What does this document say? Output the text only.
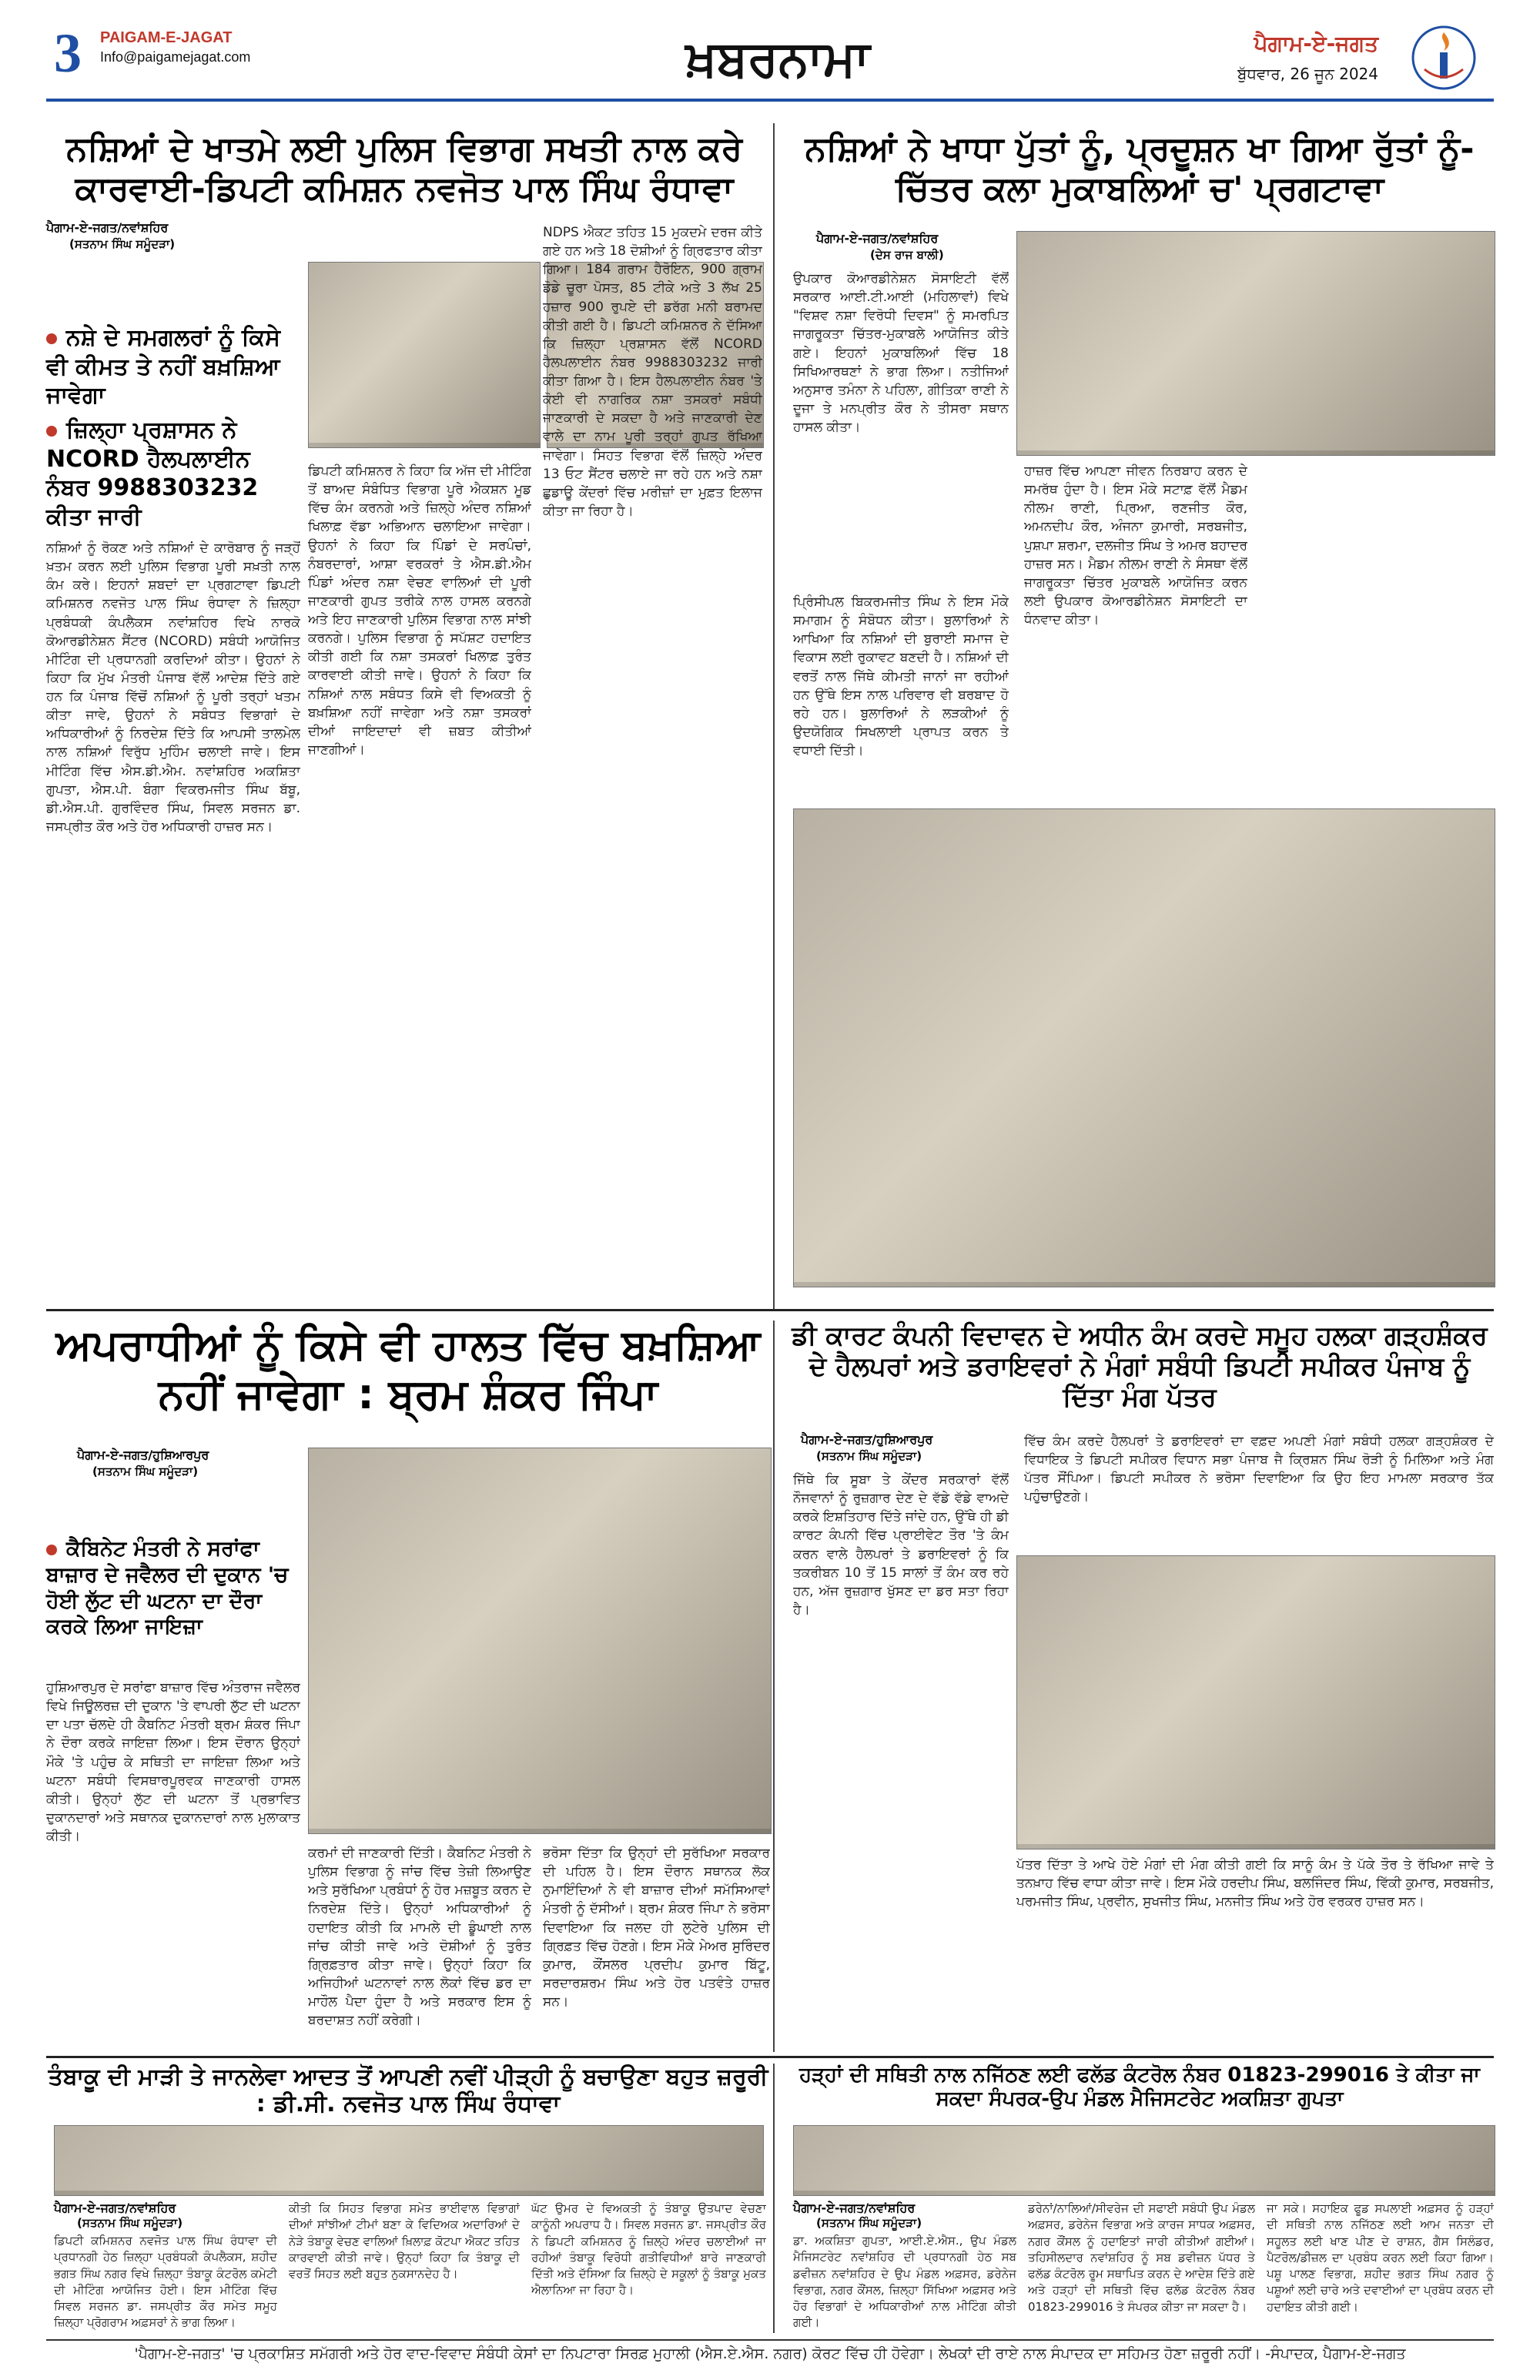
3 PAIGAM-E-JAGAT
Info@paigamejagat.com	ਖ਼ਬਰਨਾਮਾ	ਪੈਗਾਮ-ਏ-ਜਗਤ
ਬੁੱਧਵਾਰ, 26 ਜੂਨ 2024
ਨਸ਼ਿਆਂ ਦੇ ਖਾਤਮੇ ਲਈ ਪੁਲਿਸ ਵਿਭਾਗ ਸਖਤੀ ਨਾਲ ਕਰੇ ਕਾਰਵਾਈ-ਡਿਪਟੀ ਕਮਿਸ਼ਨ ਨਵਜੋਤ ਪਾਲ ਸਿੰਘ ਰੰਧਾਵਾ
ਪੈਗਾਮ-ਏ-ਜਗਤ/ਨਵਾਂਸ਼ਹਿਰ
(ਸਤਨਾਮ ਸਿੰਘ ਸਮੂੰਦੜਾ)
ਨਸ਼ੇ ਦੇ ਸਮਗਲਰਾਂ ਨੂੰ ਕਿਸੇ ਵੀ ਕੀਮਤ ਤੇ ਨਹੀਂ ਬਖ਼ਸ਼ਿਆ ਜਾਵੇਗਾ
ਜ਼ਿਲ੍ਹਾ ਪ੍ਰਸ਼ਾਸਨ ਨੇ NCORD ਹੈਲਪਲਾਈਨ ਨੰਬਰ 9988303232 ਕੀਤਾ ਜਾਰੀ
ਨਸ਼ਿਆਂ ਨੂੰ ਰੋਕਣ ਅਤੇ ਨਸ਼ਿਆਂ ਦੇ ਕਾਰੋਬਾਰ ਨੂੰ ਜੜ੍ਹੋਂ ਖ਼ਤਮ ਕਰਨ ਲਈ ਪੁਲਿਸ ਵਿਭਾਗ ਪੂਰੀ ਸਖ਼ਤੀ ਨਾਲ ਕੰਮ ਕਰੇ। ਇਹਨਾਂ ਸ਼ਬਦਾਂ ਦਾ ਪ੍ਰਗਟਾਵਾ ਡਿਪਟੀ ਕਮਿਸ਼ਨਰ ਨਵਜੋਤ ਪਾਲ ਸਿੰਘ ਰੰਧਾਵਾ ਨੇ ਜ਼ਿਲ੍ਹਾ ਪ੍ਰਬੰਧਕੀ ਕੰਪਲੈਕਸ ਨਵਾਂਸ਼ਹਿਰ ਵਿਖੇ ਨਾਰਕੋ ਕੋਆਰਡੀਨੇਸ਼ਨ ਸੈਂਟਰ (NCORD) ਸਬੰਧੀ ਆਯੋਜਿਤ ਮੀਟਿੰਗ ਦੀ ਪ੍ਰਧਾਨਗੀ ਕਰਦਿਆਂ ਕੀਤਾ। ਉਹਨਾਂ ਨੇ ਕਿਹਾ ਕਿ ਮੁੱਖ ਮੰਤਰੀ ਪੰਜਾਬ ਵੱਲੋਂ ਆਦੇਸ਼ ਦਿੱਤੇ ਗਏ ਹਨ ਕਿ ਪੰਜਾਬ ਵਿੱਚੋਂ ਨਸ਼ਿਆਂ ਨੂੰ ਪੂਰੀ ਤਰ੍ਹਾਂ ਖਤਮ ਕੀਤਾ ਜਾਵੇ, ਉਹਨਾਂ ਨੇ ਸਬੰਧਤ ਵਿਭਾਗਾਂ ਦੇ ਅਧਿਕਾਰੀਆਂ ਨੂੰ ਨਿਰਦੇਸ਼ ਦਿੱਤੇ ਕਿ ਆਪਸੀ ਤਾਲਮੇਲ ਨਾਲ ਨਸ਼ਿਆਂ ਵਿਰੁੱਧ ਮੁਹਿੰਮ ਚਲਾਈ ਜਾਵੇ। ਇਸ ਮੀਟਿੰਗ ਵਿੱਚ ਐਸ.ਡੀ.ਐਮ. ਨਵਾਂਸ਼ਹਿਰ ਅਕਸ਼ਿਤਾ ਗੁਪਤਾ, ਐਸ.ਪੀ. ਬੰਗਾ ਵਿਕਰਮਜੀਤ ਸਿੰਘ ਬੱਬੂ, ਡੀ.ਐਸ.ਪੀ. ਗੁਰਵਿੰਦਰ ਸਿੰਘ, ਸਿਵਲ ਸਰਜਨ ਡਾ. ਜਸਪ੍ਰੀਤ ਕੌਰ ਅਤੇ ਹੋਰ ਅਧਿਕਾਰੀ ਹਾਜ਼ਰ ਸਨ।
ਡਿਪਟੀ ਕਮਿਸ਼ਨਰ ਨੇ ਕਿਹਾ ਕਿ ਅੱਜ ਦੀ ਮੀਟਿੰਗ ਤੋਂ ਬਾਅਦ ਸੰਬੰਧਿਤ ਵਿਭਾਗ ਪੂਰੇ ਐਕਸ਼ਨ ਮੂਡ ਵਿੱਚ ਕੰਮ ਕਰਨਗੇ ਅਤੇ ਜ਼ਿਲ੍ਹੇ ਅੰਦਰ ਨਸ਼ਿਆਂ ਖਿਲਾਫ਼ ਵੱਡਾ ਅਭਿਆਨ ਚਲਾਇਆ ਜਾਵੇਗਾ। ਉਹਨਾਂ ਨੇ ਕਿਹਾ ਕਿ ਪਿੰਡਾਂ ਦੇ ਸਰਪੰਚਾਂ, ਨੰਬਰਦਾਰਾਂ, ਆਸ਼ਾ ਵਰਕਰਾਂ ਤੇ ਐਸ.ਡੀ.ਐਮ ਪਿੰਡਾਂ ਅੰਦਰ ਨਸ਼ਾ ਵੇਚਣ ਵਾਲਿਆਂ ਦੀ ਪੂਰੀ ਜਾਣਕਾਰੀ ਗੁਪਤ ਤਰੀਕੇ ਨਾਲ ਹਾਸਲ ਕਰਨਗੇ ਅਤੇ ਇਹ ਜਾਣਕਾਰੀ ਪੁਲਿਸ ਵਿਭਾਗ ਨਾਲ ਸਾਂਝੀ ਕਰਨਗੇ। ਪੁਲਿਸ ਵਿਭਾਗ ਨੂੰ ਸਪੱਸ਼ਟ ਹਦਾਇਤ ਕੀਤੀ ਗਈ ਕਿ ਨਸ਼ਾ ਤਸਕਰਾਂ ਖਿਲਾਫ਼ ਤੁਰੰਤ ਕਾਰਵਾਈ ਕੀਤੀ ਜਾਵੇ। ਉਹਨਾਂ ਨੇ ਕਿਹਾ ਕਿ ਨਸ਼ਿਆਂ ਨਾਲ ਸਬੰਧਤ ਕਿਸੇ ਵੀ ਵਿਅਕਤੀ ਨੂੰ ਬਖ਼ਸ਼ਿਆ ਨਹੀਂ ਜਾਵੇਗਾ ਅਤੇ ਨਸ਼ਾ ਤਸਕਰਾਂ ਦੀਆਂ ਜਾਇਦਾਦਾਂ ਵੀ ਜ਼ਬਤ ਕੀਤੀਆਂ ਜਾਣਗੀਆਂ।
NDPS ਐਕਟ ਤਹਿਤ 15 ਮੁਕਦਮੇ ਦਰਜ ਕੀਤੇ ਗਏ ਹਨ ਅਤੇ 18 ਦੋਸ਼ੀਆਂ ਨੂੰ ਗ੍ਰਿਫਤਾਰ ਕੀਤਾ ਗਿਆ। 184 ਗਰਾਮ ਹੈਰੋਇਨ, 900 ਗ੍ਰਾਮ ਡੋਡੇ ਚੂਰਾ ਪੋਸਤ, 85 ਟੀਕੇ ਅਤੇ 3 ਲੱਖ 25 ਹਜ਼ਾਰ 900 ਰੁਪਏ ਦੀ ਡਰੱਗ ਮਨੀ ਬਰਾਮਦ ਕੀਤੀ ਗਈ ਹੈ। ਡਿਪਟੀ ਕਮਿਸ਼ਨਰ ਨੇ ਦੱਸਿਆ ਕਿ ਜ਼ਿਲ੍ਹਾ ਪ੍ਰਸ਼ਾਸਨ ਵੱਲੋਂ NCORD ਹੈਲਪਲਾਈਨ ਨੰਬਰ 9988303232 ਜਾਰੀ ਕੀਤਾ ਗਿਆ ਹੈ। ਇਸ ਹੈਲਪਲਾਈਨ ਨੰਬਰ 'ਤੇ ਕੋਈ ਵੀ ਨਾਗਰਿਕ ਨਸ਼ਾ ਤਸਕਰਾਂ ਸਬੰਧੀ ਜਾਣਕਾਰੀ ਦੇ ਸਕਦਾ ਹੈ ਅਤੇ ਜਾਣਕਾਰੀ ਦੇਣ ਵਾਲੇ ਦਾ ਨਾਮ ਪੂਰੀ ਤਰ੍ਹਾਂ ਗੁਪਤ ਰੱਖਿਆ ਜਾਵੇਗਾ। ਸਿਹਤ ਵਿਭਾਗ ਵੱਲੋਂ ਜ਼ਿਲ੍ਹੇ ਅੰਦਰ 13 ਓਟ ਸੈਂਟਰ ਚਲਾਏ ਜਾ ਰਹੇ ਹਨ ਅਤੇ ਨਸ਼ਾ ਛੁਡਾਊ ਕੇਂਦਰਾਂ ਵਿੱਚ ਮਰੀਜ਼ਾਂ ਦਾ ਮੁਫ਼ਤ ਇਲਾਜ ਕੀਤਾ ਜਾ ਰਿਹਾ ਹੈ।
ਨਸ਼ਿਆਂ ਨੇ ਖਾਧਾ ਪੁੱਤਾਂ ਨੂੰ, ਪ੍ਰਦੂਸ਼ਨ ਖਾ ਗਿਆ ਰੁੱਤਾਂ ਨੂੰ-ਚਿੱਤਰ ਕਲਾ ਮੁਕਾਬਲਿਆਂ ਚ' ਪ੍ਰਗਟਾਵਾ
ਪੈਗਾਮ-ਏ-ਜਗਤ/ਨਵਾਂਸ਼ਹਿਰ
(ਦੇਸ ਰਾਜ ਬਾਲੀ)
ਉਪਕਾਰ ਕੋਆਰਡੀਨੇਸ਼ਨ ਸੋਸਾਇਟੀ ਵੱਲੋਂ ਸਰਕਾਰ ਆਈ.ਟੀ.ਆਈ (ਮਹਿਲਾਵਾਂ) ਵਿਖੇ "ਵਿਸ਼ਵ ਨਸ਼ਾ ਵਿਰੋਧੀ ਦਿਵਸ" ਨੂੰ ਸਮਰਪਿਤ ਜਾਗਰੂਕਤਾ ਚਿੱਤਰ-ਮੁਕਾਬਲੇ ਆਯੋਜਿਤ ਕੀਤੇ ਗਏ। ਇਹਨਾਂ ਮੁਕਾਬਲਿਆਂ ਵਿੱਚ 18 ਸਿਖਿਆਰਥਣਾਂ ਨੇ ਭਾਗ ਲਿਆ। ਨਤੀਜਿਆਂ ਅਨੁਸਾਰ ਤਮੰਨਾ ਨੇ ਪਹਿਲਾ, ਗੀਤਿਕਾ ਰਾਣੀ ਨੇ ਦੂਜਾ ਤੇ ਮਨਪ੍ਰੀਤ ਕੌਰ ਨੇ ਤੀਸਰਾ ਸਥਾਨ ਹਾਸਲ ਕੀਤਾ।
ਪ੍ਰਿੰਸੀਪਲ ਬਿਕਰਮਜੀਤ ਸਿੰਘ ਨੇ ਇਸ ਮੌਕੇ ਸਮਾਗਮ ਨੂੰ ਸੰਬੋਧਨ ਕੀਤਾ। ਬੁਲਾਰਿਆਂ ਨੇ ਆਖਿਆ ਕਿ ਨਸ਼ਿਆਂ ਦੀ ਬੁਰਾਈ ਸਮਾਜ ਦੇ ਵਿਕਾਸ ਲਈ ਰੁਕਾਵਟ ਬਣਦੀ ਹੈ। ਨਸ਼ਿਆਂ ਦੀ ਵਰਤੋਂ ਨਾਲ ਜਿੱਥੇ ਕੀਮਤੀ ਜਾਨਾਂ ਜਾ ਰਹੀਆਂ ਹਨ ਉੱਥੇ ਇਸ ਨਾਲ ਪਰਿਵਾਰ ਵੀ ਬਰਬਾਦ ਹੋ ਰਹੇ ਹਨ। ਬੁਲਾਰਿਆਂ ਨੇ ਲੜਕੀਆਂ ਨੂੰ ਉਦਯੋਗਿਕ ਸਿਖਲਾਈ ਪ੍ਰਾਪਤ ਕਰਨ ਤੇ ਵਧਾਈ ਦਿੱਤੀ।
ਹਾਜ਼ਰ ਵਿੱਚ ਆਪਣਾ ਜੀਵਨ ਨਿਰਬਾਹ ਕਰਨ ਦੇ ਸਮਰੱਥ ਹੁੰਦਾ ਹੈ। ਇਸ ਮੌਕੇ ਸਟਾਫ਼ ਵੱਲੋਂ ਮੈਡਮ ਨੀਲਮ ਰਾਣੀ, ਪ੍ਰਿਆ, ਰਣਜੀਤ ਕੌਰ, ਅਮਨਦੀਪ ਕੌਰ, ਅੰਜਨਾ ਕੁਮਾਰੀ, ਸਰਬਜੀਤ, ਪੁਸ਼ਪਾ ਸ਼ਰਮਾ, ਦਲਜੀਤ ਸਿੰਘ ਤੇ ਅਮਰ ਬਹਾਦਰ ਹਾਜ਼ਰ ਸਨ। ਮੈਡਮ ਨੀਲਮ ਰਾਣੀ ਨੇ ਸੰਸਥਾ ਵੱਲੋਂ ਜਾਗਰੂਕਤਾ ਚਿੱਤਰ ਮੁਕਾਬਲੇ ਆਯੋਜਿਤ ਕਰਨ ਲਈ ਉਪਕਾਰ ਕੋਆਰਡੀਨੇਸ਼ਨ ਸੋਸਾਇਟੀ ਦਾ ਧੰਨਵਾਦ ਕੀਤਾ।
ਅਪਰਾਧੀਆਂ ਨੂੰ ਕਿਸੇ ਵੀ ਹਾਲਤ ਵਿੱਚ ਬਖ਼ਸ਼ਿਆ ਨਹੀਂ ਜਾਵੇਗਾ : ਬ੍ਰਮ ਸ਼ੰਕਰ ਜਿੰਪਾ
ਪੈਗਾਮ-ਏ-ਜਗਤ/ਹੁਸ਼ਿਆਰਪੁਰ
(ਸਤਨਾਮ ਸਿੰਘ ਸਮੂੰਦੜਾ)
ਕੈਬਿਨੇਟ ਮੰਤਰੀ ਨੇ ਸਰਾਂਫਾ ਬਾਜ਼ਾਰ ਦੇ ਜਵੈਲਰ ਦੀ ਦੁਕਾਨ 'ਚ ਹੋਈ ਲੁੱਟ ਦੀ ਘਟਨਾ ਦਾ ਦੌਰਾ ਕਰਕੇ ਲਿਆ ਜਾਇਜ਼ਾ
ਹੁਸ਼ਿਆਰਪੁਰ ਦੇ ਸਰਾਂਫਾ ਬਾਜ਼ਾਰ ਵਿੱਚ ਅੰਤਰਾਜ ਜਵੈਲਰ ਵਿਖੇ ਜਿਊਲਰਜ਼ ਦੀ ਦੁਕਾਨ 'ਤੇ ਵਾਪਰੀ ਲੁੱਟ ਦੀ ਘਟਨਾ ਦਾ ਪਤਾ ਚੱਲਦੇ ਹੀ ਕੈਬਨਿਟ ਮੰਤਰੀ ਬ੍ਰਮ ਸ਼ੰਕਰ ਜਿੰਪਾ ਨੇ ਦੌਰਾ ਕਰਕੇ ਜਾਇਜ਼ਾ ਲਿਆ। ਇਸ ਦੌਰਾਨ ਉਨ੍ਹਾਂ ਮੌਕੇ 'ਤੇ ਪਹੁੰਚ ਕੇ ਸਥਿਤੀ ਦਾ ਜਾਇਜ਼ਾ ਲਿਆ ਅਤੇ ਘਟਨਾ ਸਬੰਧੀ ਵਿਸਥਾਰਪੂਰਵਕ ਜਾਣਕਾਰੀ ਹਾਸਲ ਕੀਤੀ। ਉਨ੍ਹਾਂ ਲੁੱਟ ਦੀ ਘਟਨਾ ਤੋਂ ਪ੍ਰਭਾਵਿਤ ਦੁਕਾਨਦਾਰਾਂ ਅਤੇ ਸਥਾਨਕ ਦੁਕਾਨਦਾਰਾਂ ਨਾਲ ਮੁਲਾਕਾਤ ਕੀਤੀ।
ਕਰਮਾਂ ਦੀ ਜਾਣਕਾਰੀ ਦਿੱਤੀ। ਕੈਬਨਿਟ ਮੰਤਰੀ ਨੇ ਪੁਲਿਸ ਵਿਭਾਗ ਨੂੰ ਜਾਂਚ ਵਿੱਚ ਤੇਜ਼ੀ ਲਿਆਉਣ ਅਤੇ ਸੁਰੱਖਿਆ ਪ੍ਰਬੰਧਾਂ ਨੂੰ ਹੋਰ ਮਜ਼ਬੂਤ ਕਰਨ ਦੇ ਨਿਰਦੇਸ਼ ਦਿੱਤੇ। ਉਨ੍ਹਾਂ ਅਧਿਕਾਰੀਆਂ ਨੂੰ ਹਦਾਇਤ ਕੀਤੀ ਕਿ ਮਾਮਲੇ ਦੀ ਡੂੰਘਾਈ ਨਾਲ ਜਾਂਚ ਕੀਤੀ ਜਾਵੇ ਅਤੇ ਦੋਸ਼ੀਆਂ ਨੂੰ ਤੁਰੰਤ ਗ੍ਰਿਫ਼ਤਾਰ ਕੀਤਾ ਜਾਵੇ। ਉਨ੍ਹਾਂ ਕਿਹਾ ਕਿ ਅਜਿਹੀਆਂ ਘਟਨਾਵਾਂ ਨਾਲ ਲੋਕਾਂ ਵਿੱਚ ਡਰ ਦਾ ਮਾਹੌਲ ਪੈਦਾ ਹੁੰਦਾ ਹੈ ਅਤੇ ਸਰਕਾਰ ਇਸ ਨੂੰ ਬਰਦਾਸ਼ਤ ਨਹੀਂ ਕਰੇਗੀ।
ਭਰੋਸਾ ਦਿੱਤਾ ਕਿ ਉਨ੍ਹਾਂ ਦੀ ਸੁਰੱਖਿਆ ਸਰਕਾਰ ਦੀ ਪਹਿਲ ਹੈ। ਇਸ ਦੌਰਾਨ ਸਥਾਨਕ ਲੋਕ ਨੁਮਾਇੰਦਿਆਂ ਨੇ ਵੀ ਬਾਜ਼ਾਰ ਦੀਆਂ ਸਮੱਸਿਆਵਾਂ ਮੰਤਰੀ ਨੂੰ ਦੱਸੀਆਂ। ਬ੍ਰਮ ਸ਼ੰਕਰ ਜਿੰਪਾ ਨੇ ਭਰੋਸਾ ਦਿਵਾਇਆ ਕਿ ਜਲਦ ਹੀ ਲੁਟੇਰੇ ਪੁਲਿਸ ਦੀ ਗ੍ਰਿਫ਼ਤ ਵਿੱਚ ਹੋਣਗੇ। ਇਸ ਮੌਕੇ ਮੇਅਰ ਸੁਰਿੰਦਰ ਕੁਮਾਰ, ਕੌਂਸਲਰ ਪ੍ਰਦੀਪ ਕੁਮਾਰ ਬਿੱਟੂ, ਸਰਦਾਰਸ਼ਰਮ ਸਿੰਘ ਅਤੇ ਹੋਰ ਪਤਵੰਤੇ ਹਾਜ਼ਰ ਸਨ।
ਡੀ ਕਾਰਟ ਕੰਪਨੀ ਵਿਦਾਵਨ ਦੇ ਅਧੀਨ ਕੰਮ ਕਰਦੇ ਸਮੂਹ ਹਲਕਾ ਗੜ੍ਹਸ਼ੰਕਰ ਦੇ ਹੈਲਪਰਾਂ ਅਤੇ ਡਰਾਇਵਰਾਂ ਨੇ ਮੰਗਾਂ ਸਬੰਧੀ ਡਿਪਟੀ ਸਪੀਕਰ ਪੰਜਾਬ ਨੂੰ ਦਿੱਤਾ ਮੰਗ ਪੱਤਰ
ਪੈਗਾਮ-ਏ-ਜਗਤ/ਹੁਸ਼ਿਆਰਪੁਰ
(ਸਤਨਾਮ ਸਿੰਘ ਸਮੂੰਦੜਾ)
ਜਿੱਥੇ ਕਿ ਸੂਬਾ ਤੇ ਕੇਂਦਰ ਸਰਕਾਰਾਂ ਵੱਲੋਂ ਨੌਜਵਾਨਾਂ ਨੂੰ ਰੁਜ਼ਗਾਰ ਦੇਣ ਦੇ ਵੱਡੇ ਵੱਡੇ ਵਾਅਦੇ ਕਰਕੇ ਇਸ਼ਤਿਹਾਰ ਦਿੱਤੇ ਜਾਂਦੇ ਹਨ, ਉੱਥੇ ਹੀ ਡੀ ਕਾਰਟ ਕੰਪਨੀ ਵਿੱਚ ਪ੍ਰਾਈਵੇਟ ਤੌਰ 'ਤੇ ਕੰਮ ਕਰਨ ਵਾਲੇ ਹੈਲਪਰਾਂ ਤੇ ਡਰਾਇਵਰਾਂ ਨੂੰ ਕਿ ਤਕਰੀਬਨ 10 ਤੋਂ 15 ਸਾਲਾਂ ਤੋਂ ਕੰਮ ਕਰ ਰਹੇ ਹਨ, ਅੱਜ ਰੁਜ਼ਗਾਰ ਖੁੱਸਣ ਦਾ ਡਰ ਸਤਾ ਰਿਹਾ ਹੈ।
ਵਿੱਚ ਕੰਮ ਕਰਦੇ ਹੈਲਪਰਾਂ ਤੇ ਡਰਾਇਵਰਾਂ ਦਾ ਵਫ਼ਦ ਅਪਣੀ ਮੰਗਾਂ ਸਬੰਧੀ ਹਲਕਾ ਗੜ੍ਹਸ਼ੰਕਰ ਦੇ ਵਿਧਾਇਕ ਤੇ ਡਿਪਟੀ ਸਪੀਕਰ ਵਿਧਾਨ ਸਭਾ ਪੰਜਾਬ ਜੈ ਕ੍ਰਿਸ਼ਨ ਸਿੰਘ ਰੋੜੀ ਨੂੰ ਮਿਲਿਆ ਅਤੇ ਮੰਗ ਪੱਤਰ ਸੌਂਪਿਆ। ਡਿਪਟੀ ਸਪੀਕਰ ਨੇ ਭਰੋਸਾ ਦਿਵਾਇਆ ਕਿ ਉਹ ਇਹ ਮਾਮਲਾ ਸਰਕਾਰ ਤੱਕ ਪਹੁੰਚਾਉਣਗੇ।
ਪੱਤਰ ਦਿੱਤਾ ਤੇ ਆਖੇ ਹੋਏ ਮੰਗਾਂ ਦੀ ਮੰਗ ਕੀਤੀ ਗਈ ਕਿ ਸਾਨੂੰ ਕੰਮ ਤੇ ਪੱਕੇ ਤੌਰ ਤੇ ਰੱਖਿਆ ਜਾਵੇ ਤੇ ਤਨਖ਼ਾਹ ਵਿੱਚ ਵਾਧਾ ਕੀਤਾ ਜਾਵੇ। ਇਸ ਮੌਕੇ ਹਰਦੀਪ ਸਿੰਘ, ਬਲਜਿੰਦਰ ਸਿੰਘ, ਵਿੱਕੀ ਕੁਮਾਰ, ਸਰਬਜੀਤ, ਪਰਮਜੀਤ ਸਿੰਘ, ਪ੍ਰਵੀਨ, ਸੁਖਜੀਤ ਸਿੰਘ, ਮਨਜੀਤ ਸਿੰਘ ਅਤੇ ਹੋਰ ਵਰਕਰ ਹਾਜ਼ਰ ਸਨ।
ਤੰਬਾਕੂ ਦੀ ਮਾੜੀ ਤੇ ਜਾਨਲੇਵਾ ਆਦਤ ਤੋਂ ਆਪਣੀ ਨਵੀਂ ਪੀੜ੍ਹੀ ਨੂੰ ਬਚਾਉਣਾ ਬਹੁਤ ਜ਼ਰੂਰੀ : ਡੀ.ਸੀ. ਨਵਜੋਤ ਪਾਲ ਸਿੰਘ ਰੰਧਾਵਾ
ਪੈਗਾਮ-ਏ-ਜਗਤ/ਨਵਾਂਸ਼ਹਿਰ
(ਸਤਨਾਮ ਸਿੰਘ ਸਮੂੰਦੜਾ)
ਡਿਪਟੀ ਕਮਿਸ਼ਨਰ ਨਵਜੋਤ ਪਾਲ ਸਿੰਘ ਰੰਧਾਵਾ ਦੀ ਪ੍ਰਧਾਨਗੀ ਹੇਠ ਜ਼ਿਲ੍ਹਾ ਪ੍ਰਬੰਧਕੀ ਕੰਪਲੈਕਸ, ਸ਼ਹੀਦ ਭਗਤ ਸਿੰਘ ਨਗਰ ਵਿਖੇ ਜ਼ਿਲ੍ਹਾ ਤੰਬਾਕੂ ਕੰਟਰੋਲ ਕਮੇਟੀ ਦੀ ਮੀਟਿੰਗ ਆਯੋਜਿਤ ਹੋਈ। ਇਸ ਮੀਟਿੰਗ ਵਿੱਚ ਸਿਵਲ ਸਰਜਨ ਡਾ. ਜਸਪ੍ਰੀਤ ਕੌਰ ਸਮੇਤ ਸਮੂਹ ਜ਼ਿਲ੍ਹਾ ਪ੍ਰੋਗਰਾਮ ਅਫ਼ਸਰਾਂ ਨੇ ਭਾਗ ਲਿਆ।
ਕੀਤੀ ਕਿ ਸਿਹਤ ਵਿਭਾਗ ਸਮੇਤ ਭਾਈਵਾਲ ਵਿਭਾਗਾਂ ਦੀਆਂ ਸਾਂਝੀਆਂ ਟੀਮਾਂ ਬਣਾ ਕੇ ਵਿਦਿਅਕ ਅਦਾਰਿਆਂ ਦੇ ਨੇੜੇ ਤੰਬਾਕੂ ਵੇਚਣ ਵਾਲਿਆਂ ਖ਼ਿਲਾਫ਼ ਕੋਟਪਾ ਐਕਟ ਤਹਿਤ ਕਾਰਵਾਈ ਕੀਤੀ ਜਾਵੇ। ਉਨ੍ਹਾਂ ਕਿਹਾ ਕਿ ਤੰਬਾਕੂ ਦੀ ਵਰਤੋਂ ਸਿਹਤ ਲਈ ਬਹੁਤ ਨੁਕਸਾਨਦੇਹ ਹੈ।
ਘੱਟ ਉਮਰ ਦੇ ਵਿਅਕਤੀ ਨੂੰ ਤੰਬਾਕੂ ਉਤਪਾਦ ਵੇਚਣਾ ਕਾਨੂੰਨੀ ਅਪਰਾਧ ਹੈ। ਸਿਵਲ ਸਰਜਨ ਡਾ. ਜਸਪ੍ਰੀਤ ਕੌਰ ਨੇ ਡਿਪਟੀ ਕਮਿਸ਼ਨਰ ਨੂੰ ਜ਼ਿਲ੍ਹੇ ਅੰਦਰ ਚਲਾਈਆਂ ਜਾ ਰਹੀਆਂ ਤੰਬਾਕੂ ਵਿਰੋਧੀ ਗਤੀਵਿਧੀਆਂ ਬਾਰੇ ਜਾਣਕਾਰੀ ਦਿੱਤੀ ਅਤੇ ਦੱਸਿਆ ਕਿ ਜ਼ਿਲ੍ਹੇ ਦੇ ਸਕੂਲਾਂ ਨੂੰ ਤੰਬਾਕੂ ਮੁਕਤ ਐਲਾਨਿਆ ਜਾ ਰਿਹਾ ਹੈ।
ਹੜ੍ਹਾਂ ਦੀ ਸਥਿਤੀ ਨਾਲ ਨਜਿੱਠਣ ਲਈ ਫਲੱਡ ਕੰਟਰੋਲ ਨੰਬਰ 01823-299016 ਤੇ ਕੀਤਾ ਜਾ ਸਕਦਾ ਸੰਪਰਕ-ਉਪ ਮੰਡਲ ਮੈਜਿਸਟਰੇਟ ਅਕਸ਼ਿਤਾ ਗੁਪਤਾ
ਪੈਗਾਮ-ਏ-ਜਗਤ/ਨਵਾਂਸ਼ਹਿਰ
(ਸਤਨਾਮ ਸਿੰਘ ਸਮੂੰਦੜਾ)
ਡਾ. ਅਕਸ਼ਿਤਾ ਗੁਪਤਾ, ਆਈ.ਏ.ਐਸ., ਉਪ ਮੰਡਲ ਮੈਜਿਸਟਰੇਟ ਨਵਾਂਸ਼ਹਿਰ ਦੀ ਪ੍ਰਧਾਨਗੀ ਹੇਠ ਸਬ ਡਵੀਜ਼ਨ ਨਵਾਂਸ਼ਹਿਰ ਦੇ ਉਪ ਮੰਡਲ ਅਫ਼ਸਰ, ਡਰੇਨੇਜ ਵਿਭਾਗ, ਨਗਰ ਕੌਂਸਲ, ਜ਼ਿਲ੍ਹਾ ਸਿੱਖਿਆ ਅਫ਼ਸਰ ਅਤੇ ਹੋਰ ਵਿਭਾਗਾਂ ਦੇ ਅਧਿਕਾਰੀਆਂ ਨਾਲ ਮੀਟਿੰਗ ਕੀਤੀ ਗਈ।
ਡਰੇਨਾਂ/ਨਾਲਿਆਂ/ਸੀਵਰੇਜ ਦੀ ਸਫਾਈ ਸਬੰਧੀ ਉਪ ਮੰਡਲ ਅਫ਼ਸਰ, ਡਰੇਨੇਜ ਵਿਭਾਗ ਅਤੇ ਕਾਰਜ ਸਾਧਕ ਅਫ਼ਸਰ, ਨਗਰ ਕੌਂਸਲ ਨੂੰ ਹਦਾਇਤਾਂ ਜਾਰੀ ਕੀਤੀਆਂ ਗਈਆਂ। ਤਹਿਸੀਲਦਾਰ ਨਵਾਂਸ਼ਹਿਰ ਨੂੰ ਸਬ ਡਵੀਜ਼ਨ ਪੱਧਰ ਤੇ ਫਲੱਡ ਕੰਟਰੋਲ ਰੂਮ ਸਥਾਪਿਤ ਕਰਨ ਦੇ ਆਦੇਸ਼ ਦਿੱਤੇ ਗਏ ਅਤੇ ਹੜ੍ਹਾਂ ਦੀ ਸਥਿਤੀ ਵਿੱਚ ਫਲੱਡ ਕੰਟਰੋਲ ਨੰਬਰ 01823-299016 ਤੇ ਸੰਪਰਕ ਕੀਤਾ ਜਾ ਸਕਦਾ ਹੈ।
ਜਾ ਸਕੇ। ਸਹਾਇਕ ਫੂਡ ਸਪਲਾਈ ਅਫ਼ਸਰ ਨੂੰ ਹੜ੍ਹਾਂ ਦੀ ਸਥਿਤੀ ਨਾਲ ਨਜਿੱਠਣ ਲਈ ਆਮ ਜਨਤਾ ਦੀ ਸਹੂਲਤ ਲਈ ਖਾਣ ਪੀਣ ਦੇ ਰਾਸ਼ਨ, ਗੈਸ ਸਿਲੰਡਰ, ਪੈਟਰੋਲ/ਡੀਜ਼ਲ ਦਾ ਪ੍ਰਬੰਧ ਕਰਨ ਲਈ ਕਿਹਾ ਗਿਆ। ਪਸ਼ੂ ਪਾਲਣ ਵਿਭਾਗ, ਸ਼ਹੀਦ ਭਗਤ ਸਿੰਘ ਨਗਰ ਨੂੰ ਪਸ਼ੂਆਂ ਲਈ ਚਾਰੇ ਅਤੇ ਦਵਾਈਆਂ ਦਾ ਪ੍ਰਬੰਧ ਕਰਨ ਦੀ ਹਦਾਇਤ ਕੀਤੀ ਗਈ।
'ਪੈਗਾਮ-ਏ-ਜਗਤ' 'ਚ ਪ੍ਰਕਾਸ਼ਿਤ ਸਮੱਗਰੀ ਅਤੇ ਹੋਰ ਵਾਦ-ਵਿਵਾਦ ਸੰਬੰਧੀ ਕੇਸਾਂ ਦਾ ਨਿਪਟਾਰਾ ਸਿਰਫ਼ ਮੁਹਾਲੀ (ਐਸ.ਏ.ਐਸ. ਨਗਰ) ਕੋਰਟ ਵਿੱਚ ਹੀ ਹੋਵੇਗਾ। ਲੇਖਕਾਂ ਦੀ ਰਾਏ ਨਾਲ ਸੰਪਾਦਕ ਦਾ ਸਹਿਮਤ ਹੋਣਾ ਜ਼ਰੂਰੀ ਨਹੀਂ। -ਸੰਪਾਦਕ, ਪੈਗਾਮ-ਏ-ਜਗਤ
